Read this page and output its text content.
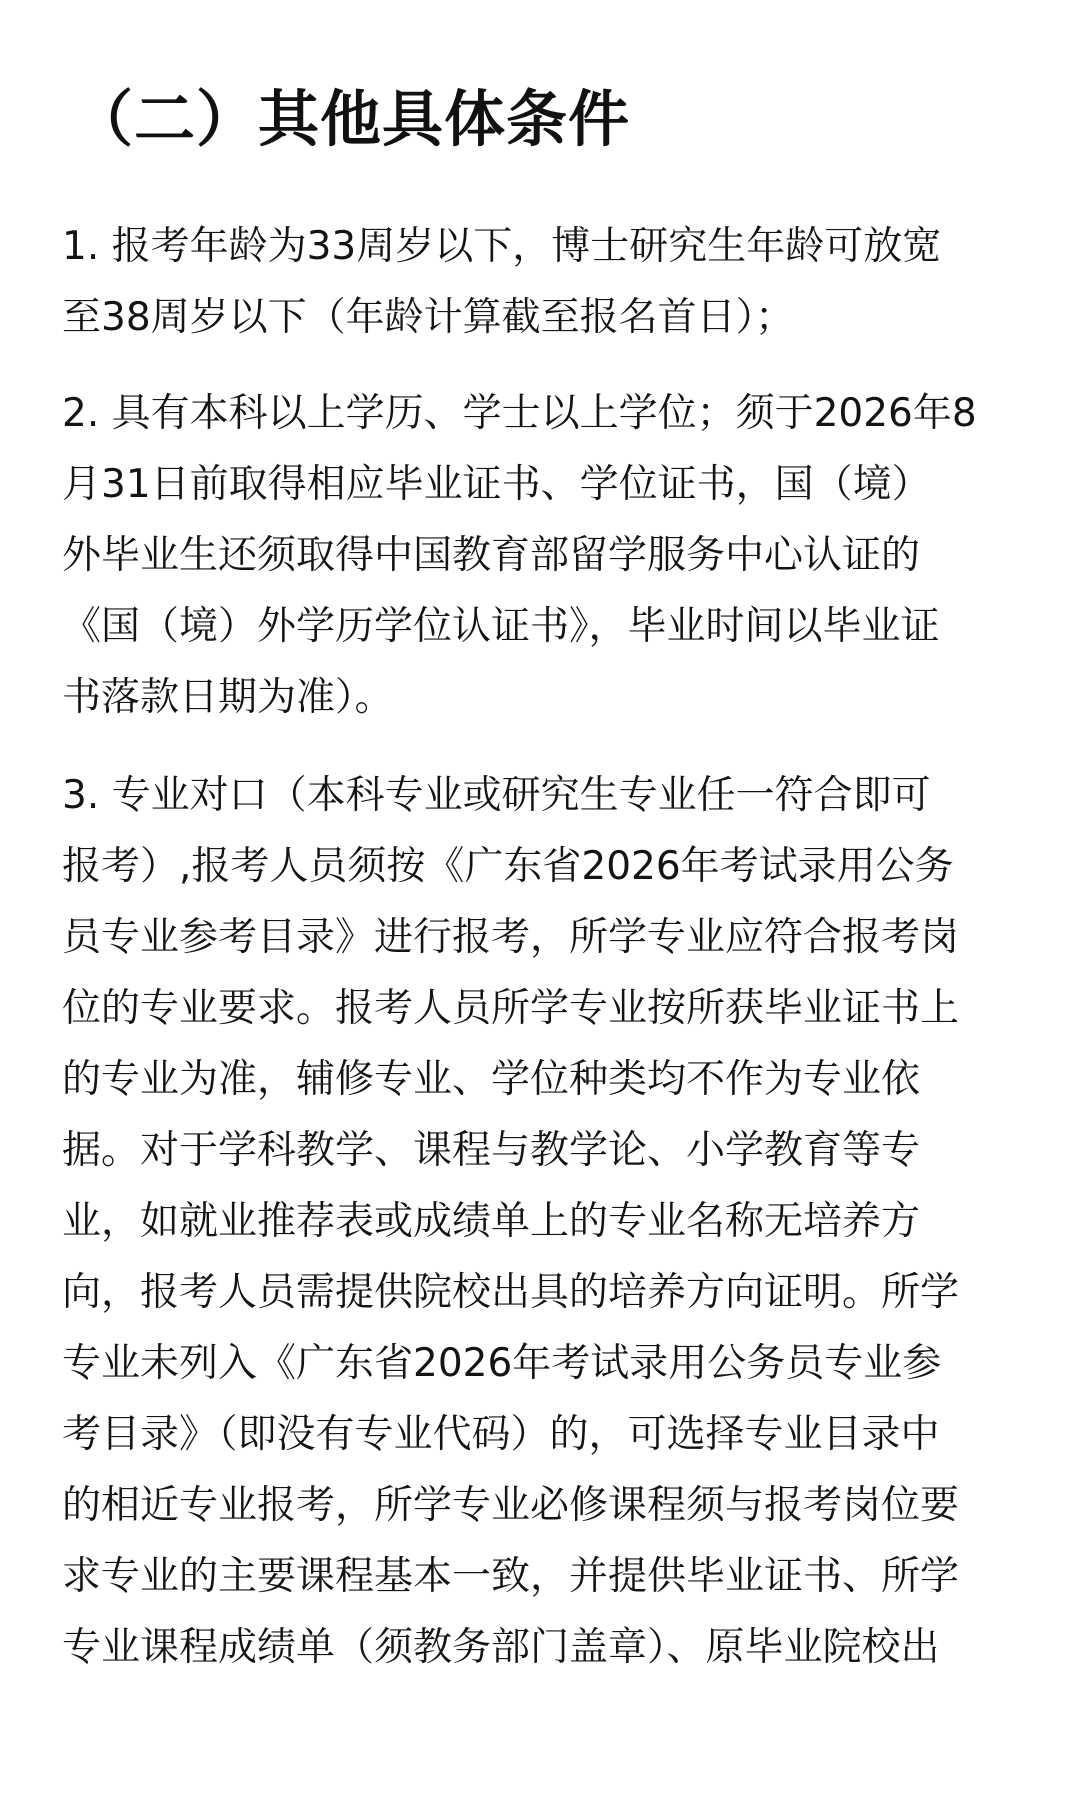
（二）其他具体条件
1. 报考年龄为33周岁以下，博士研究生年龄可放宽
至38周岁以下（年龄计算截至报名首日）；
2. 具有本科以上学历、学士以上学位；须于2026年8
月31日前取得相应毕业证书、学位证书，国（境）
外毕业生还须取得中国教育部留学服务中心认证的
《国（境）外学历学位认证书》，毕业时间以毕业证
书落款日期为准）。
3. 专业对口（本科专业或研究生专业任一符合即可
报考）,报考人员须按《广东省2026年考试录用公务
员专业参考目录》进行报考，所学专业应符合报考岗
位的专业要求。报考人员所学专业按所获毕业证书上
的专业为准，辅修专业、学位种类均不作为专业依
据。对于学科教学、课程与教学论、小学教育等专
业，如就业推荐表或成绩单上的专业名称无培养方
向，报考人员需提供院校出具的培养方向证明。所学
专业未列入《广东省2026年考试录用公务员专业参
考目录》（即没有专业代码）的，可选择专业目录中
的相近专业报考，所学专业必修课程须与报考岗位要
求专业的主要课程基本一致，并提供毕业证书、所学
专业课程成绩单（须教务部门盖章）、原毕业院校出
